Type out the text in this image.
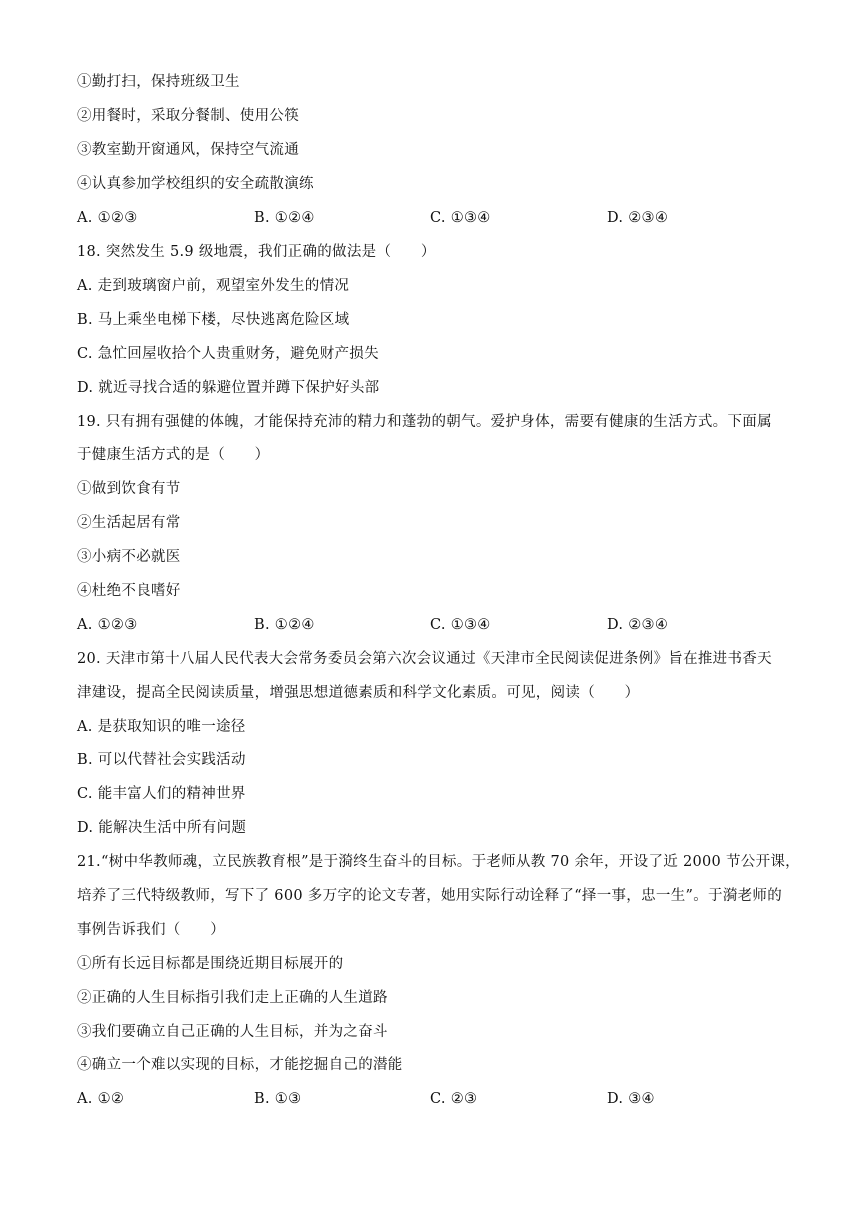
①勤打扫，保持班级卫生
②用餐时，采取分餐制、使用公筷
③教室勤开窗通风，保持空气流通
④认真参加学校组织的安全疏散演练
A. ①②③	B. ①②④	C. ①③④	D. ②③④
18. 突然发生 5.9 级地震，我们正确的做法是（　　）
A. 走到玻璃窗户前，观望室外发生的情况
B. 马上乘坐电梯下楼，尽快逃离危险区域
C. 急忙回屋收拾个人贵重财务，避免财产损失
D. 就近寻找合适的躲避位置并蹲下保护好头部
19. 只有拥有强健的体魄，才能保持充沛的精力和蓬勃的朝气。爱护身体，需要有健康的生活方式。下面属
于健康生活方式的是（　　）
①做到饮食有节
②生活起居有常
③小病不必就医
④杜绝不良嗜好
A. ①②③	B. ①②④	C. ①③④	D. ②③④
20. 天津市第十八届人民代表大会常务委员会第六次会议通过《天津市全民阅读促进条例》旨在推进书香天
津建设，提高全民阅读质量，增强思想道德素质和科学文化素质。可见，阅读（　　）
A. 是获取知识的唯一途径
B. 可以代替社会实践活动
C. 能丰富人们的精神世界
D. 能解决生活中所有问题
21.“树中华教师魂，立民族教育根”是于漪终生奋斗的目标。于老师从教 70 余年，开设了近 2000 节公开课，
培养了三代特级教师，写下了 600 多万字的论文专著，她用实际行动诠释了“择一事，忠一生”。于漪老师的
事例告诉我们（　　）
①所有长远目标都是围绕近期目标展开的
②正确的人生目标指引我们走上正确的人生道路
③我们要确立自己正确的人生目标，并为之奋斗
④确立一个难以实现的目标，才能挖掘自己的潜能
A. ①②	B. ①③	C. ②③	D. ③④
